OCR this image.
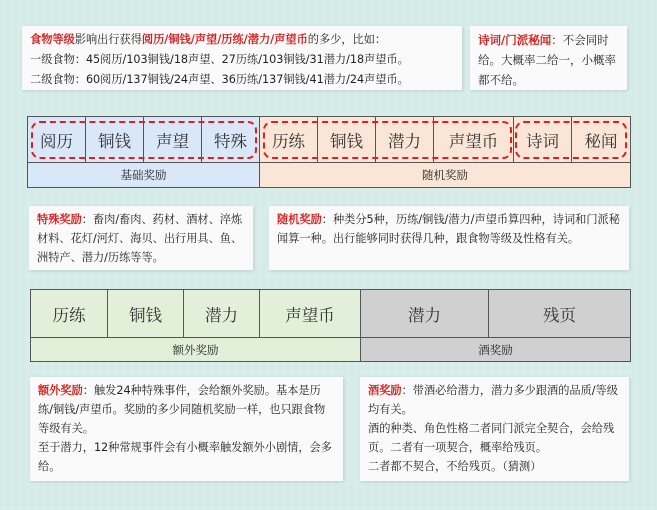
食物等级影响出行获得阅历/铜钱/声望/历练/潜力/声望币的多少，比如：
一级食物：45阅历/103铜钱/18声望、27历练/103铜钱/31潜力/18声望币。
二级食物：60阅历/137铜钱/24声望、36历练/137铜钱/41潜力/24声望币。
诗词/门派秘闻：不会同时给。大概率二给一，小概率都不给。
阅历	铜钱	声望	特殊	历练	铜钱	潜力	声望币	诗词	秘闻
基础奖励	随机奖励
特殊奖励：畜肉/畜肉、药材、酒材、淬炼材料、花灯/河灯、海贝、出行用具、鱼、洲特产、潜力/历练等等。
随机奖励：种类分5种，历练/铜钱/潜力/声望币算四种，诗词和门派秘闻算一种。出行能够同时获得几种，跟食物等级及性格有关。
历练	铜钱	潜力	声望币	潜力	残页
额外奖励	酒奖励
额外奖励：触发24种特殊事件，会给额外奖励。基本是历练/铜钱/声望币。奖励的多少同随机奖励一样，也只跟食物等级有关。
至于潜力，12种常规事件会有小概率触发额外小剧情，会多给。
酒奖励：带酒必给潜力，潜力多少跟酒的品质/等级均有关。
酒的种类、角色性格二者同门派完全契合，会给残页。二者有一项契合，概率给残页。
二者都不契合，不给残页。（猜测）
